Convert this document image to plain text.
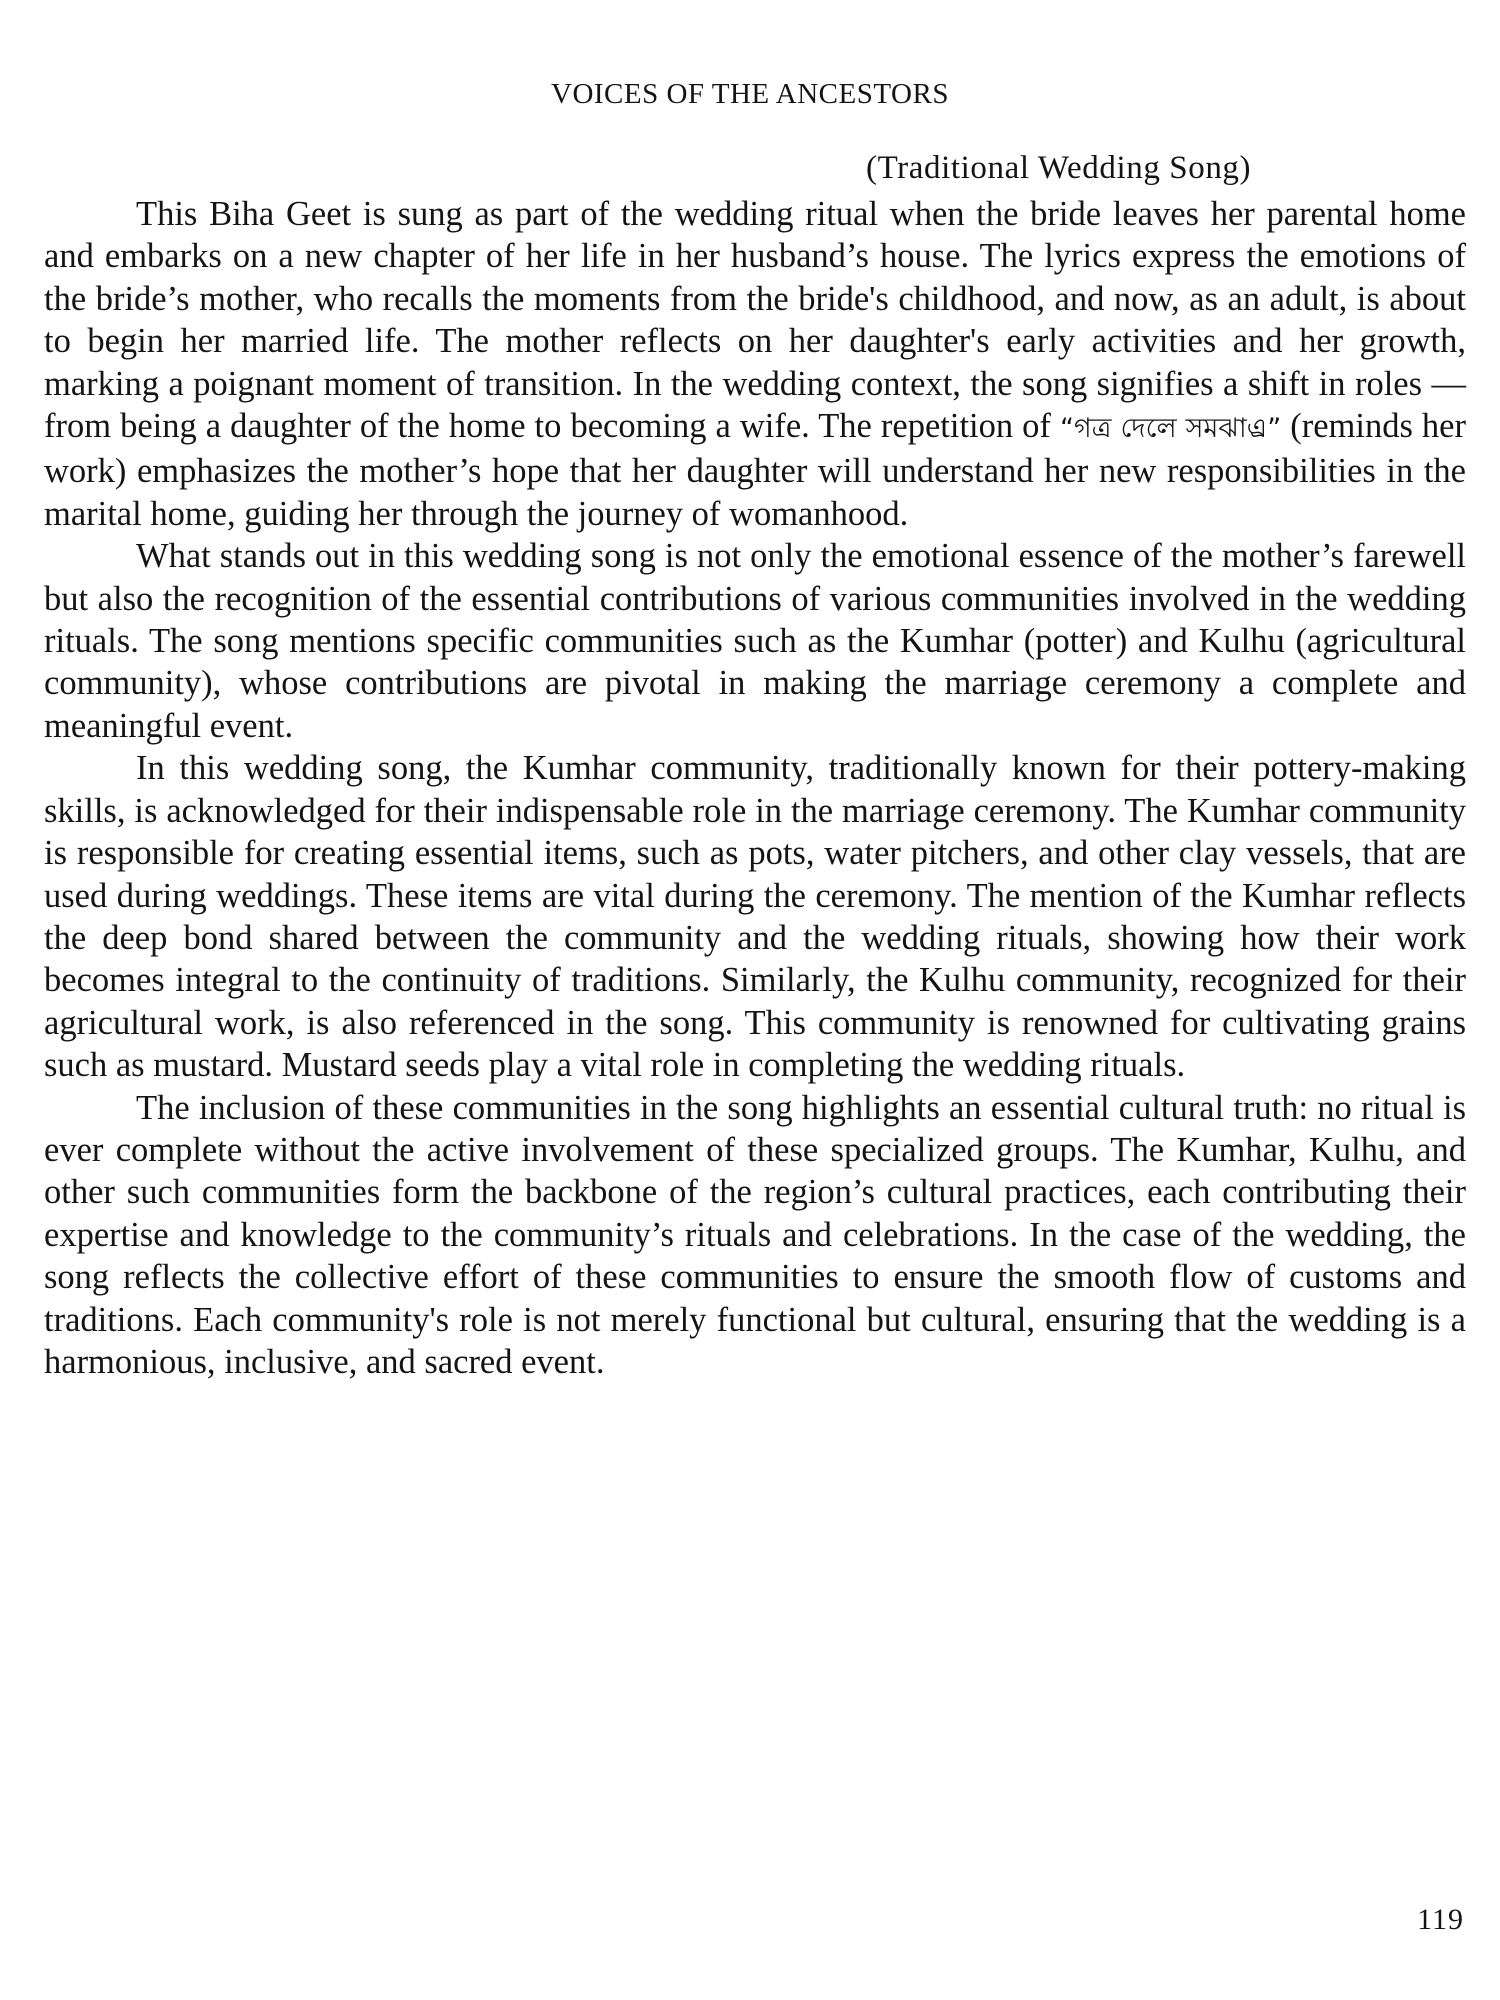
VOICES OF THE ANCESTORS

(Traditional Wedding Song)

This Biha Geet is sung as part of the wedding ritual when the bride leaves her parental home and embarks on a new chapter of her life in her husband’s house. The lyrics express the emotions of the bride’s mother, who recalls the moments from the bride's childhood, and now, as an adult, is about to begin her married life. The mother reflects on her daughter's early activities and her growth, marking a poignant moment of transition. In the wedding context, the song signifies a shift in roles — from being a daughter of the home to becoming a wife. The repetition of “গত্র দেলে সমঝাএ্র” (reminds her work) emphasizes the mother’s hope that her daughter will understand her new responsibilities in the marital home, guiding her through the journey of womanhood.

What stands out in this wedding song is not only the emotional essence of the mother’s farewell but also the recognition of the essential contributions of various communities involved in the wedding rituals. The song mentions specific communities such as the Kumhar (potter) and Kulhu (agricultural community), whose contributions are pivotal in making the marriage ceremony a complete and meaningful event.

In this wedding song, the Kumhar community, traditionally known for their pottery-making skills, is acknowledged for their indispensable role in the marriage ceremony. The Kumhar community is responsible for creating essential items, such as pots, water pitchers, and other clay vessels, that are used during weddings. These items are vital during the ceremony. The mention of the Kumhar reflects the deep bond shared between the community and the wedding rituals, showing how their work becomes integral to the continuity of traditions. Similarly, the Kulhu community, recognized for their agricultural work, is also referenced in the song. This community is renowned for cultivating grains such as mustard. Mustard seeds play a vital role in completing the wedding rituals.

The inclusion of these communities in the song highlights an essential cultural truth: no ritual is ever complete without the active involvement of these specialized groups. The Kumhar, Kulhu, and other such communities form the backbone of the region’s cultural practices, each contributing their expertise and knowledge to the community’s rituals and celebrations. In the case of the wedding, the song reflects the collective effort of these communities to ensure the smooth flow of customs and traditions. Each community's role is not merely functional but cultural, ensuring that the wedding is a harmonious, inclusive, and sacred event.

119
